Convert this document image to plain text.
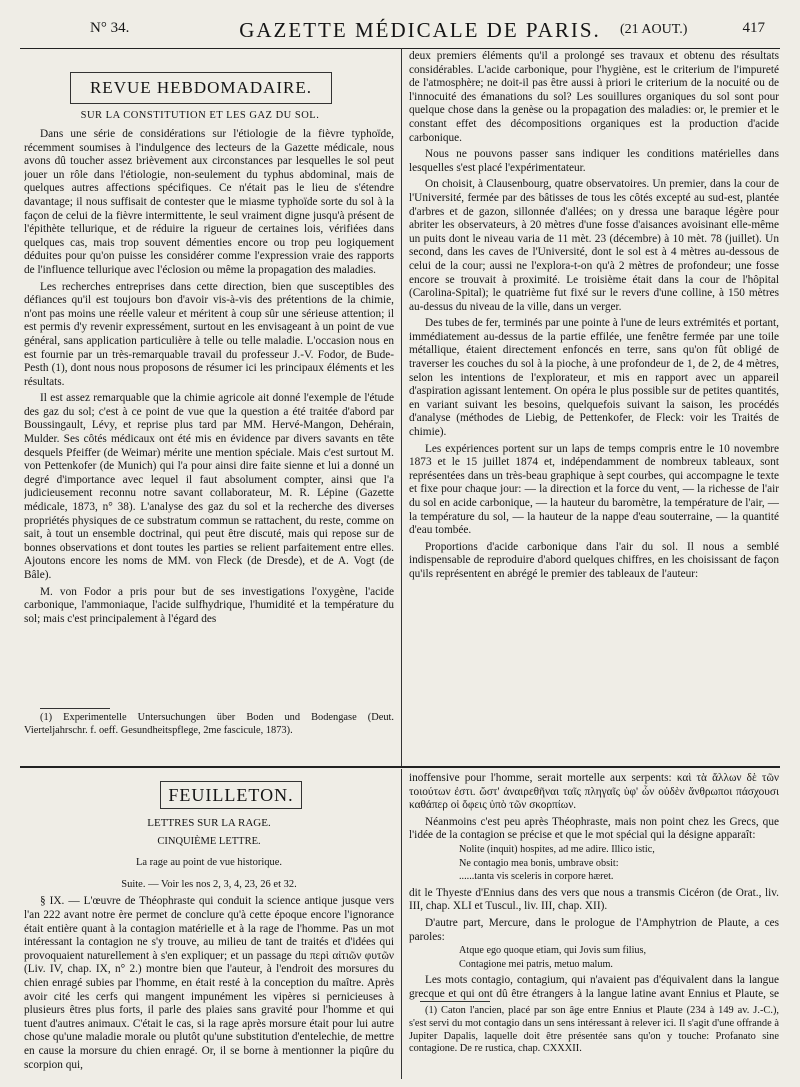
N° 34.	GAZETTE MÉDICALE DE PARIS.	(21 AOUT.)	417
REVUE HEBDOMADAIRE.
SUR LA CONSTITUTION ET LES GAZ DU SOL.

Dans une série de considérations sur l'étiologie de la fièvre typhoïde, récemment soumises à l'indulgence des lecteurs de la Gazette médicale, nous avons dû toucher assez brièvement aux circonstances par lesquelles le sol peut jouer un rôle dans l'étiologie, non-seulement du typhus abdominal, mais de quelques autres affections spécifiques. Ce n'était pas le lieu de s'étendre davantage; il nous suffisait de contester que le miasme typhoïde sorte du sol à la façon de celui de la fièvre intermittente, le seul vraiment digne jusqu'à présent de l'épithète tellurique, et de réduire la rigueur de certaines lois, vérifiées dans quelques cas, mais trop souvent démenties encore ou trop peu logiquement déduites pour qu'on puisse les considérer comme l'expression vraie des rapports de l'influence tellurique avec l'éclosion ou même la propagation des maladies.

Les recherches entreprises dans cette direction, bien que susceptibles des défiances qu'il est toujours bon d'avoir vis-à-vis des prétentions de la chimie, n'ont pas moins une réelle valeur et méritent à coup sûr une sérieuse attention; il est permis d'y revenir expressément, surtout en les envisageant à un point de vue général, sans application particulière à telle ou telle maladie. L'occasion nous en est fournie par un très-remarquable travail du professeur J.-V. Fodor, de Bude-Pesth (1), dont nous nous proposons de résumer ici les principaux éléments et les résultats.

Il est assez remarquable que la chimie agricole ait donné l'exemple de l'étude des gaz du sol; c'est à ce point de vue que la question a été traitée d'abord par Boussingault, Lévy, et reprise plus tard par MM. Hervé-Mangon, Dehérain, Mulder. Ses côtés médicaux ont été mis en évidence par divers savants en tête desquels Pfeiffer (de Weimar) mérite une mention spéciale. Mais c'est surtout M. von Pettenkofer (de Munich) qui l'a pour ainsi dire faite sienne et lui a donné un degré d'importance avec lequel il faut absolument compter, ainsi que l'a judicieusement reconnu notre savant collaborateur, M. R. Lépine (Gazette médicale, 1873, n° 38). L'analyse des gaz du sol et la recherche des diverses propriétés physiques de ce substratum commun se rattachent, du reste, comme on sait, à tout un ensemble doctrinal, qui peut être discuté, mais qui repose sur de bonnes observations et dont toutes les parties se relient parfaitement entre elles. Ajoutons encore les noms de MM. von Fleck (de Dresde), et de A. Vogt (de Bâle).

M. von Fodor a pris pour but de ses investigations l'oxygène, l'acide carbonique, l'ammoniaque, l'acide sulfhydrique, l'humidité et la température du sol; mais c'est principalement à l'égard des

(1) Experimentelle Untersuchungen über Boden und Bodengase (Deut. Vierteljahrschr. f. oeff. Gesundheitspflege, 2me fascicule, 1873).

deux premiers éléments qu'il a prolongé ses travaux et obtenu des résultats considérables. L'acide carbonique, pour l'hygiène, est le criterium de l'impureté de l'atmosphère; ne doit-il pas être aussi à priori le criterium de la nocuité ou de l'innocuité des émanations du sol? Les souillures organiques du sol sont pour quelque chose dans la genèse ou la propagation des maladies: or, le premier et le constant effet des décompositions organiques est la production d'acide carbonique.

Nous ne pouvons passer sans indiquer les conditions matérielles dans lesquelles s'est placé l'expérimentateur.

On choisit, à Clausenbourg, quatre observatoires. Un premier, dans la cour de l'Université, fermée par des bâtisses de tous les côtés excepté au sud-est, plantée d'arbres et de gazon, sillonnée d'allées; on y dressa une baraque légère pour abriter les observateurs, à 20 mètres d'une fosse d'aisances avoisinant elle-même un puits dont le niveau varia de 11 mèt. 23 (décembre) à 10 mèt. 78 (juillet). Un second, dans les caves de l'Université, dont le sol est à 4 mètres au-dessous de celui de la cour; aussi ne l'explora-t-on qu'à 2 mètres de profondeur; une fosse encore se trouvait à proximité. Le troisième était dans la cour de l'hôpital (Carolina-Spital); le quatrième fut fixé sur le revers d'une colline, à 150 mètres au-dessus du niveau de la ville, dans un verger.

Des tubes de fer, terminés par une pointe à l'une de leurs extrémités et portant, immédiatement au-dessus de la partie effilée, une fenêtre fermée par une toile métallique, étaient directement enfoncés en terre, sans qu'on fût obligé de traverser les couches du sol à la pioche, à une profondeur de 1, de 2, de 4 mètres, selon les intentions de l'explorateur, et mis en rapport avec un appareil d'aspiration agissant lentement. On opéra le plus possible sur de petites quantités, en variant suivant les besoins, quelquefois suivant la saison, les procédés d'analyse (méthodes de Liebig, de Pettenkofer, de Fleck: voir les Traités de chimie).

Les expériences portent sur un laps de temps compris entre le 10 novembre 1873 et le 15 juillet 1874 et, indépendamment de nombreux tableaux, sont représentées dans un très-beau graphique à sept courbes, qui accompagne le texte et fixe pour chaque jour: — la direction et la force du vent, — la richesse de l'air du sol en acide carbonique, — la hauteur du baromètre, la température de l'air, — la température du sol, — la hauteur de la nappe d'eau souterraine, — la quantité d'eau tombée.

Proportions d'acide carbonique dans l'air du sol. Il nous a semblé indispensable de reproduire d'abord quelques chiffres, en les choisissant de façon qu'ils représentent en abrégé le premier des tableaux de l'auteur:

FEUILLETON.

LETTRES SUR LA RAGE.

CINQUIÈME LETTRE.

La rage au point de vue historique.

Suite. — Voir les nos 2, 3, 4, 23, 26 et 32.

§ IX. — L'œuvre de Théophraste qui conduit la science antique jusque vers l'an 222 avant notre ère permet de conclure qu'à cette époque encore l'ignorance était entière quant à la contagion matérielle et à la rage de l'homme. Pas un mot intéressant la contagion ne s'y trouve, au milieu de tant de traités et d'idées qui provoquaient naturellement à s'en expliquer; et un passage du περὶ αἰτιῶν φυτῶν (Liv. IV, chap. IX, n° 2.) montre bien que l'auteur, à l'endroit des morsures du chien enragé subies par l'homme, en était resté à la conception du maître. Après avoir cité les cerfs qui mangent impunément les vipères si pernicieuses à plusieurs êtres plus forts, il parle des plaies sans gravité pour l'homme et qui tuent d'autres animaux. C'était le cas, si la rage après morsure était pour lui autre chose qu'une maladie morale ou plutôt qu'une substitution d'entelechie, de mettre en cause la morsure du chien enragé. Or, il se borne à mentionner la piqûre du scorpion qui,

inoffensive pour l'homme, serait mortelle aux serpents: καὶ τὰ ἄλλων δὲ τῶν τοιούτων ἐστι. ὥστ' ἀναιρεθῆναι ταῖς πληγαῖς ὑφ' ὧν οὐδὲν ἄνθρωποι πάσχουσι καθάπερ οἱ ὄφεις ὑπὸ τῶν σκορπίων.

Néanmoins c'est peu après Théophraste, mais non point chez les Grecs, que l'idée de la contagion se précise et que le mot spécial qui la désigne apparaît:

Nolite (inquit) hospites, ad me adire. Illico istic,

Ne contagio mea bonis, umbrave obsit:

......tanta vis sceleris in corpore hæret.

dit le Thyeste d'Ennius dans des vers que nous a transmis Cicéron (de Orat., liv. III, chap. XLI et Tuscul., liv. III, chap. XII).

D'autre part, Mercure, dans le prologue de l'Amphytrion de Plaute, a ces paroles:

Atque ego quoque etiam, qui Jovis sum filius,

Contagione mei patris, metuo malum.

Les mots contagio, contagium, qui n'avaient pas d'équivalent dans la langue grecque et qui ont dû être étrangers à la langue latine avant Ennius et Plaute, se

(1) Caton l'ancien, placé par son âge entre Ennius et Plaute (234 à 149 av. J.-C.), s'est servi du mot contagio dans un sens intéressant à relever ici. Il s'agit d'une offrande à Jupiter Dapalis, laquelle doit être présentée sans qu'on y touche: Profanato sine contagione. De re rustica, chap. CXXXII.
